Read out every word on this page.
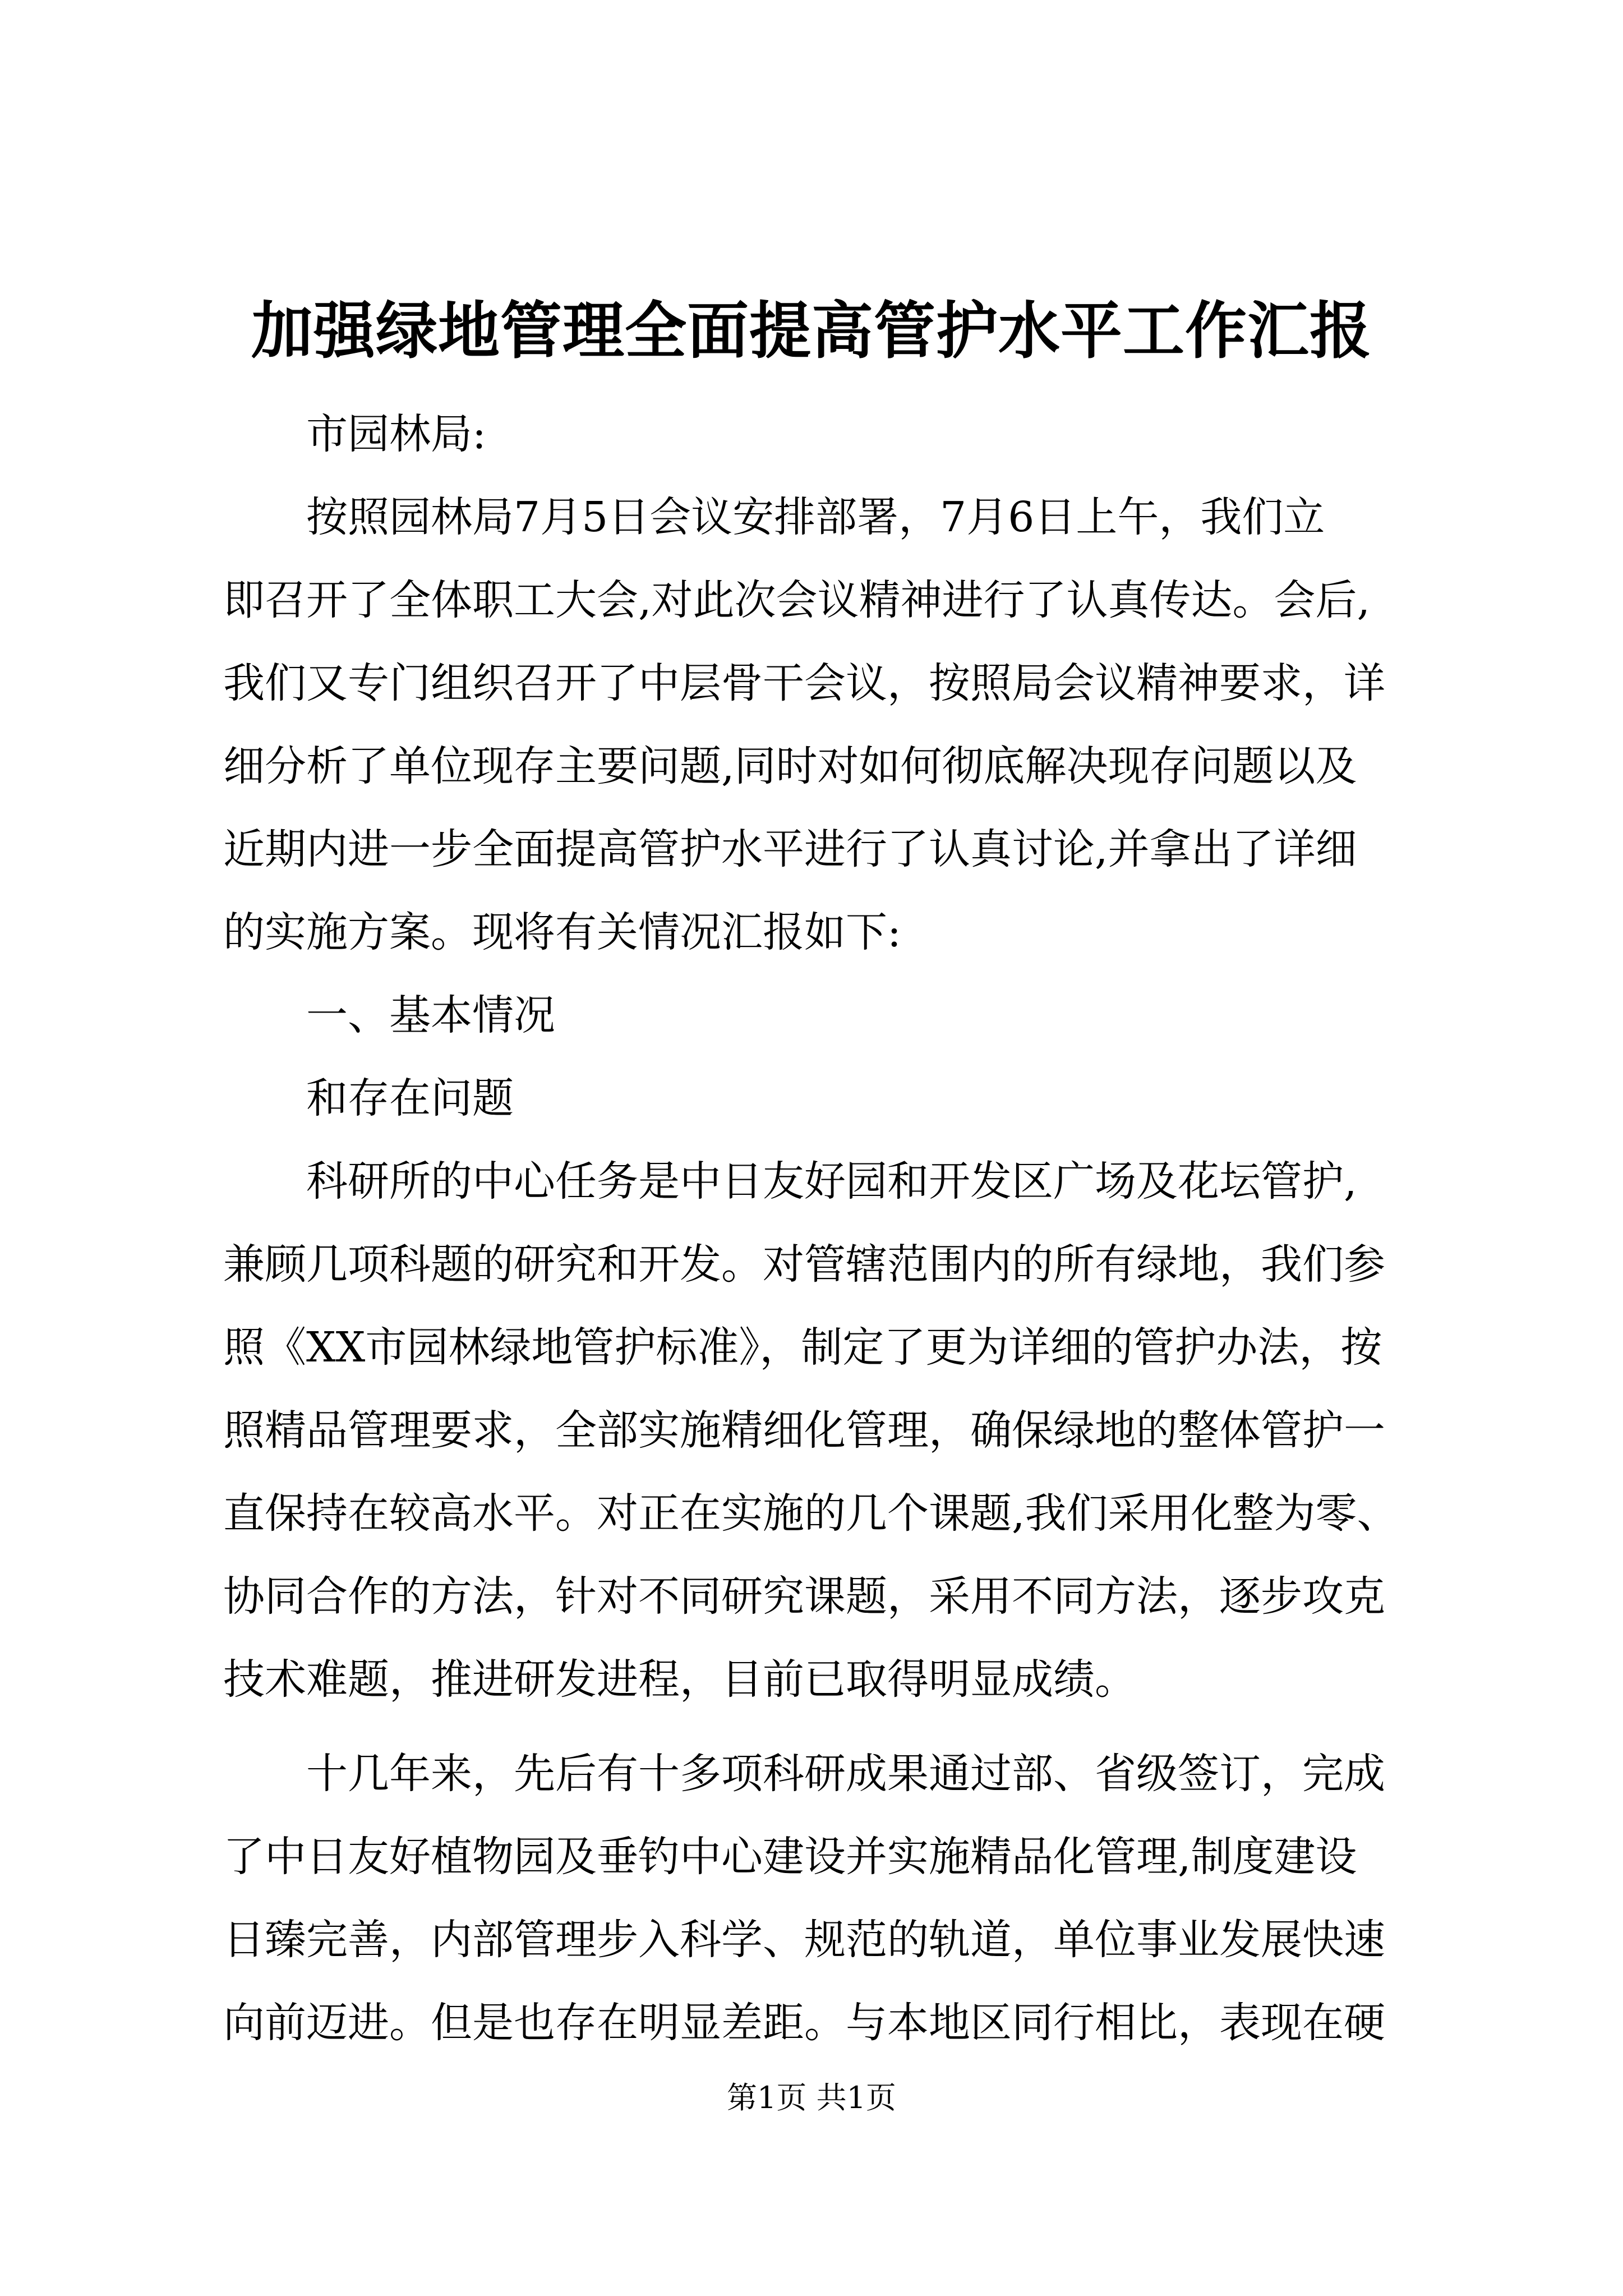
加强绿地管理全面提高管护水平工作汇报
市园林局:
按照园林局7月5日会议安排部署，7月6日上午，我们立
即召开了全体职工大会,对此次会议精神进行了认真传达。会后,
我们又专门组织召开了中层骨干会议，按照局会议精神要求，详
细分析了单位现存主要问题,同时对如何彻底解决现存问题以及
近期内进一步全面提高管护水平进行了认真讨论,并拿出了详细
的实施方案。现将有关情况汇报如下:
一、基本情况
和存在问题
科研所的中心任务是中日友好园和开发区广场及花坛管护,
兼顾几项科题的研究和开发。对管辖范围内的所有绿地，我们参
照《XX市园林绿地管护标准》，制定了更为详细的管护办法，按
照精品管理要求，全部实施精细化管理，确保绿地的整体管护一
直保持在较高水平。对正在实施的几个课题,我们采用化整为零、
协同合作的方法，针对不同研究课题，采用不同方法，逐步攻克
技术难题，推进研发进程，目前已取得明显成绩。
十几年来，先后有十多项科研成果通过部、省级签订，完成
了中日友好植物园及垂钓中心建设并实施精品化管理,制度建设
日臻完善，内部管理步入科学、规范的轨道，单位事业发展快速
向前迈进。但是也存在明显差距。与本地区同行相比，表现在硬
第1页 共1页
